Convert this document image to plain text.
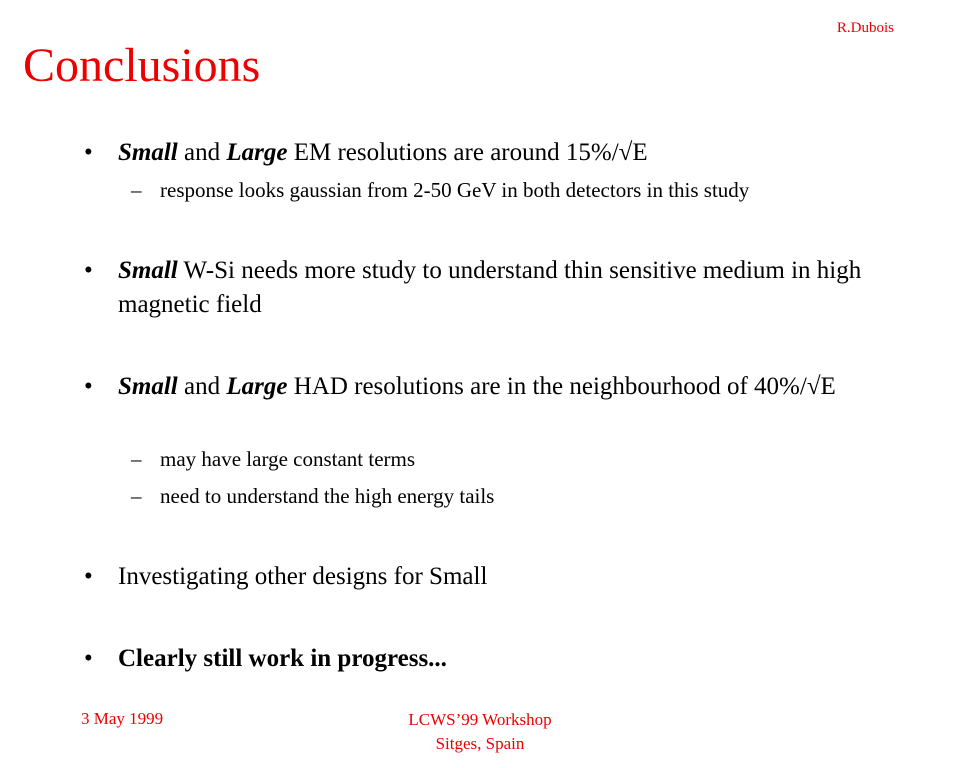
R.Dubois
Conclusions
•	Small and Large EM resolutions are around 15%/√E
– response looks gaussian from 2-50 GeV in both detectors in this study
•	Small W-Si needs more study to understand thin sensitive medium in high magnetic field
•	Small and Large HAD resolutions are in the neighbourhood of 40%/√E
– may have large constant terms
– need to understand the high energy tails
•	Investigating other designs for Small
•	Clearly still work in progress...
3 May 1999	LCWS’99 Workshop
Sitges, Spain
